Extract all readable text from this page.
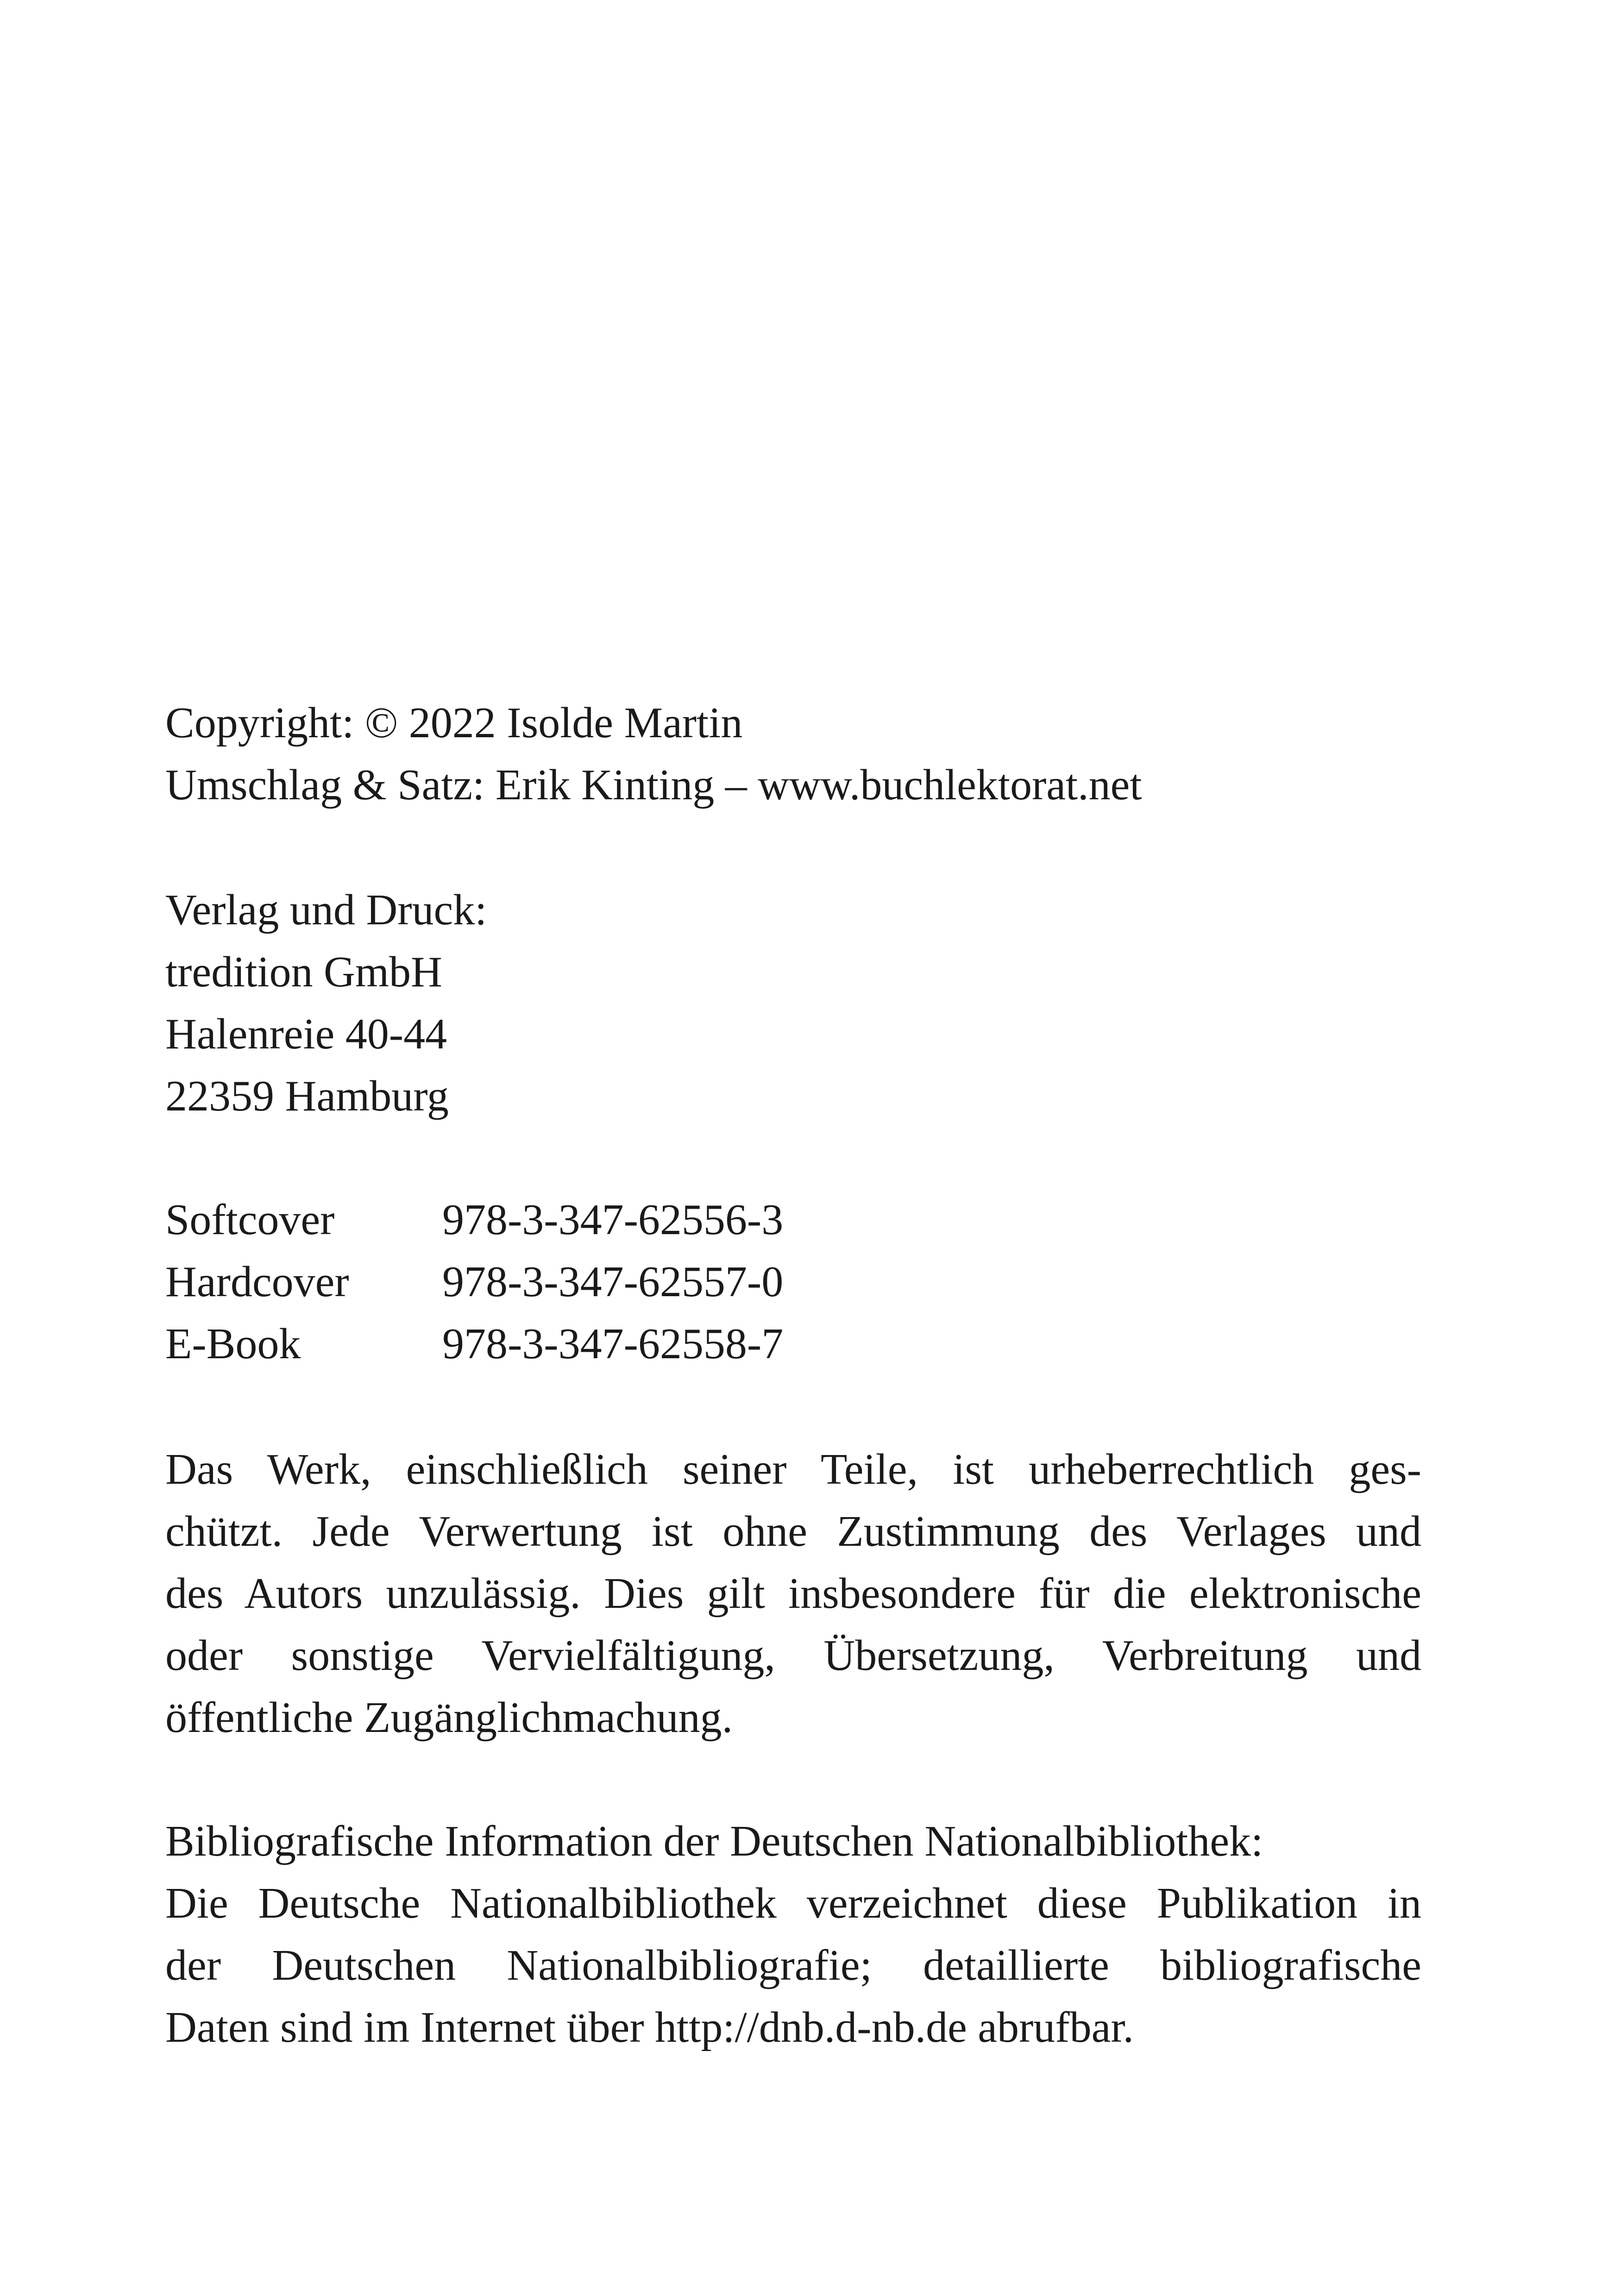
Copyright: © 2022 Isolde Martin
Umschlag & Satz: Erik Kinting – www.buchlektorat.net
Verlag und Druck:
tredition GmbH
Halenreie 40-44
22359 Hamburg
Softcover	978-3-347-62556-3
Hardcover	978-3-347-62557-0
E-Book	978-3-347-62558-7
Das Werk, einschließlich seiner Teile, ist urheberrechtlich ges-
chützt. Jede Verwertung ist ohne Zustimmung des Verlages und
des Autors unzulässig. Dies gilt insbesondere für die elektronische
oder sonstige Vervielfältigung, Übersetzung, Verbreitung und
öffentliche Zugänglichmachung.
Bibliografische Information der Deutschen Nationalbibliothek:
Die Deutsche Nationalbibliothek verzeichnet diese Publikation in
der Deutschen Nationalbibliografie; detaillierte bibliografische
Daten sind im Internet über http://dnb.d-nb.de abrufbar.
